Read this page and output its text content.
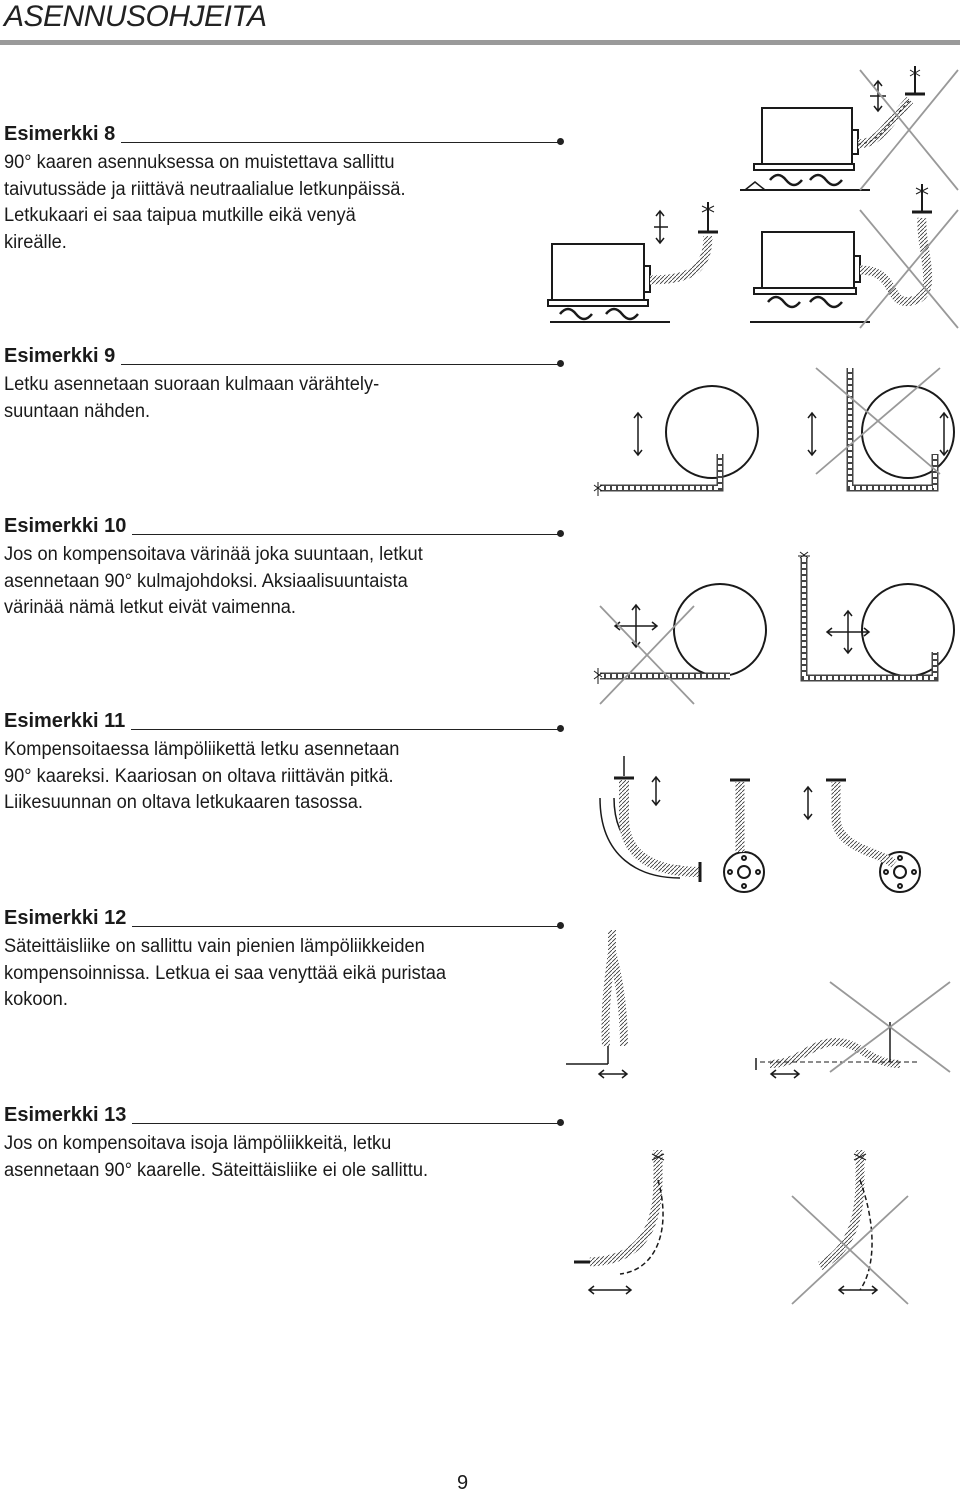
ASENNUSOHJEITA
Esimerkki 8
90° kaaren asennuksessa on muistettava sallittu
taivutussäde ja riittävä neutraalialue letkunpäissä.
Letkukaari ei saa taipua mutkille eikä venyä
kireälle.
Esimerkki 9
Letku asennetaan suoraan kulmaan värähtely-
suuntaan nähden.
Esimerkki 10
Jos on kompensoitava värinää joka suuntaan, letkut
asennetaan 90° kulmajohdoksi. Aksiaalisuuntaista
värinää nämä letkut eivät vaimenna.
Esimerkki 11
Kompensoitaessa lämpöliikettä letku asennetaan
90° kaareksi. Kaariosan on oltava riittävän pitkä.
Liikesuunnan on oltava letkukaaren tasossa.
Esimerkki 12
Säteittäisliike on sallittu vain pienien lämpöliikkeiden
kompensoinnissa. Letkua ei saa venyttää eikä puristaa
kokoon.
Esimerkki 13
Jos on kompensoitava isoja lämpöliikkeitä, letku
asennetaan 90° kaarelle. Säteittäisliike ei ole sallittu.
9
